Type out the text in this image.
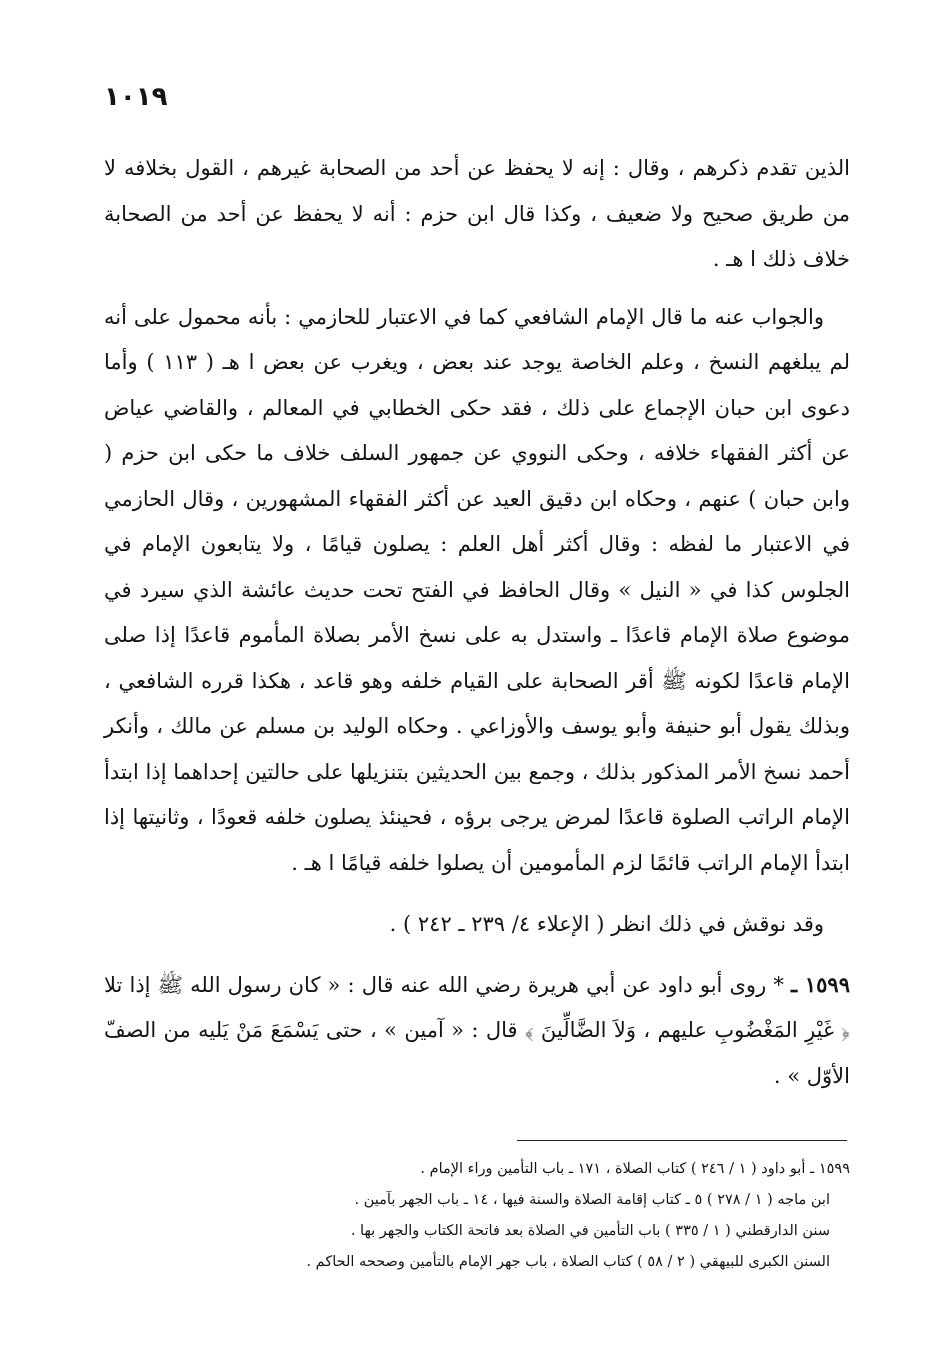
١٠١٩

الذين تقدم ذكرهم ، وقال : إنه لا يحفظ عن أحد من الصحابة غيرهم ، القول بخلافه لا من طريق صحيح ولا ضعيف ، وكذا قال ابن حزم : أنه لا يحفظ عن أحد من الصحابة خلاف ذلك ا هـ .

والجواب عنه ما قال الإمام الشافعي كما في الاعتبار للحازمي : بأنه محمول على أنه لم يبلغهم النسخ ، وعلم الخاصة يوجد عند بعض ، ويغرب عن بعض ا هـ ( ١١٣ ) وأما دعوى ابن حبان الإجماع على ذلك ، فقد حكى الخطابي في المعالم ، والقاضي عياض عن أكثر الفقهاء خلافه ، وحكى النووي عن جمهور السلف خلاف ما حكى ابن حزم ( وابن حبان ) عنهم ، وحكاه ابن دقيق العيد عن أكثر الفقهاء المشهورين ، وقال الحازمي في الاعتبار ما لفظه : وقال أكثر أهل العلم : يصلون قيامًا ، ولا يتابعون الإمام في الجلوس كذا في « النيل » وقال الحافظ في الفتح تحت حديث عائشة الذي سيرد في موضوع صلاة الإمام قاعدًا ـ واستدل به على نسخ الأمر بصلاة المأموم قاعدًا إذا صلى الإمام قاعدًا لكونه ﷺ أقر الصحابة على القيام خلفه وهو قاعد ، هكذا قرره الشافعي ، وبذلك يقول أبو حنيفة وأبو يوسف والأوزاعي . وحكاه الوليد بن مسلم عن مالك ، وأنكر أحمد نسخ الأمر المذكور بذلك ، وجمع بين الحديثين بتنزيلها على حالتين إحداهما إذا ابتدأ الإمام الراتب الصلوة قاعدًا لمرض يرجى برؤه ، فحينئذ يصلون خلفه قعودًا ، وثانيتها إذا ابتدأ الإمام الراتب قائمًا لزم المأمومين أن يصلوا خلفه قيامًا ا هـ .

وقد نوقش في ذلك انظر ( الإعلاء ٤/ ٢٣٩ ـ ٢٤٢ ) .

١٥٩٩ ـ * روى أبو داود عن أبي هريرة رضي الله عنه قال : « كان رسول الله ﷺ إذا تلا ﴿ غَيْرِ المَغْضُوبِ عليهم ، وَلاَ الضَّالِّينَ ﴾ قال : « آمين » ، حتى يَسْمَعَ مَنْ يَليه من الصفّ الأوّل » .

١٥٩٩ ـ أبو داود ( ١ / ٢٤٦ ) كتاب الصلاة ، ١٧١ ـ باب التأمين وراء الإمام .
ابن ماجه ( ١ / ٢٧٨ ) ٥ ـ كتاب إقامة الصلاة والسنة فيها ، ١٤ ـ باب الجهر بآمين .
سنن الدارقطني ( ١ / ٣٣٥ ) باب التأمين في الصلاة بعد فاتحة الكتاب والجهر بها .
السنن الكبرى للبيهقي ( ٢ / ٥٨ ) كتاب الصلاة ، باب جهر الإمام بالتأمين وصححه الحاكم .
